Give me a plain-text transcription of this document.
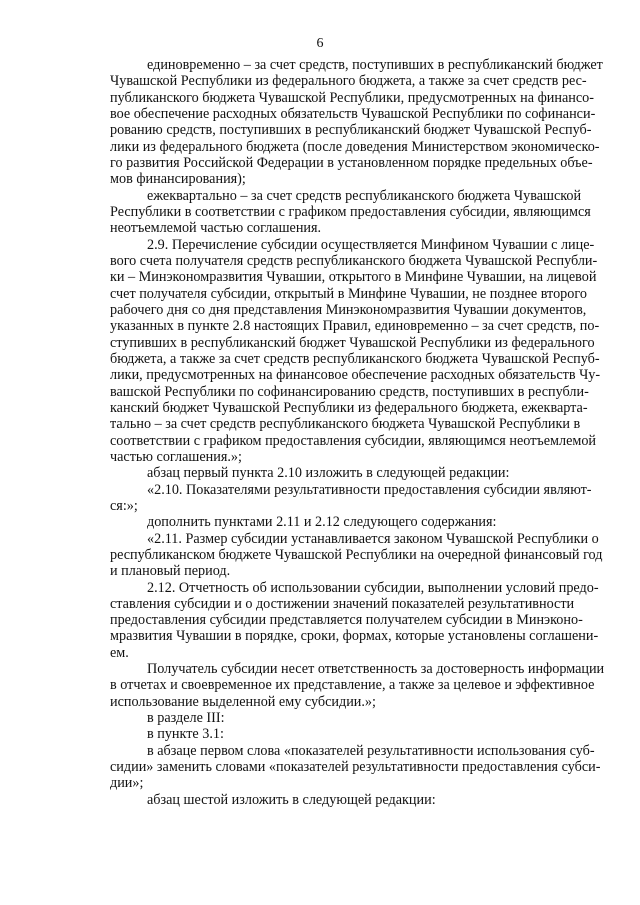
6
единовременно – за счет средств, поступивших в республиканский бюджет
Чувашской Республики из федерального бюджета, а также за счет средств рес-
публиканского бюджета Чувашской Республики, предусмотренных на финансо-
вое обеспечение расходных обязательств Чувашской Республики по софинанси-
рованию средств, поступивших в республиканский бюджет Чувашской Респуб-
лики из федерального бюджета (после доведения Министерством экономическо-
го развития Российской Федерации в установленном порядке предельных объе-
мов финансирования);
ежеквартально – за счет средств республиканского бюджета Чувашской
Республики в соответствии с графиком предоставления субсидии, являющимся
неотъемлемой частью соглашения.
2.9. Перечисление субсидии осуществляется Минфином Чувашии с лице-
вого счета получателя средств республиканского бюджета Чувашской Республи-
ки – Минэкономразвития Чувашии, открытого в Минфине Чувашии, на лицевой
счет получателя субсидии, открытый в Минфине Чувашии, не позднее второго
рабочего дня со дня представления Минэкономразвития Чувашии документов,
указанных в пункте 2.8 настоящих Правил, единовременно – за счет средств, по-
ступивших в республиканский бюджет Чувашской Республики из федерального
бюджета, а также за счет средств республиканского бюджета Чувашской Респуб-
лики, предусмотренных на финансовое обеспечение расходных обязательств Чу-
вашской Республики по софинансированию средств, поступивших в республи-
канский бюджет Чувашской Республики из федерального бюджета, ежекварта-
тально – за счет средств республиканского бюджета Чувашской Республики в
соответствии с графиком предоставления субсидии, являющимся неотъемлемой
частью соглашения.»;
абзац первый пункта 2.10 изложить в следующей редакции:
«2.10. Показателями результативности предоставления субсидии являют-
ся:»;
дополнить пунктами 2.11 и 2.12 следующего содержания:
«2.11. Размер субсидии устанавливается законом Чувашской Республики о
республиканском бюджете Чувашской Республики на очередной финансовый год
и плановый период.
2.12. Отчетность об использовании субсидии, выполнении условий предо-
ставления субсидии и о достижении значений показателей результативности
предоставления субсидии представляется получателем субсидии в Минэконо-
мразвития Чувашии в порядке, сроки, формах, которые установлены соглашени-
ем.
Получатель субсидии несет ответственность за достоверность информации
в отчетах и своевременное их представление, а также за целевое и эффективное
использование выделенной ему субсидии.»;
в разделе III:
в пункте 3.1:
в абзаце первом слова «показателей результативности использования суб-
сидии» заменить словами «показателей результативности предоставления субси-
дии»;
абзац шестой изложить в следующей редакции:
